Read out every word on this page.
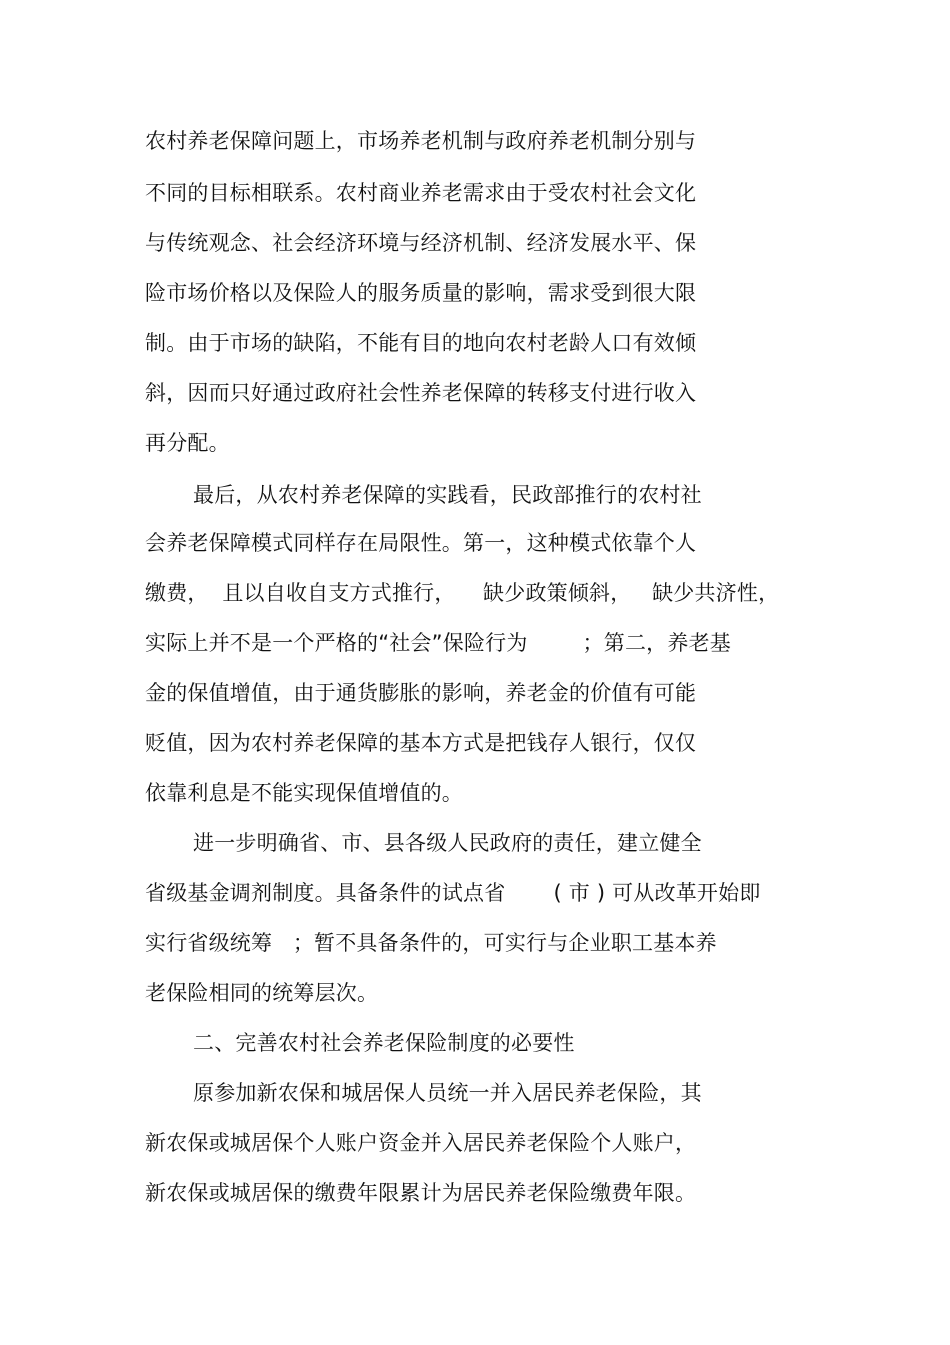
农村养老保障问题上，市场养老机制与政府养老机制分别与
不同的目标相联系。农村商业养老需求由于受农村社会文化
与传统观念、社会经济环境与经济机制、经济发展水平、保
险市场价格以及保险人的服务质量的影响，需求受到很大限
制。由于市场的缺陷，不能有目的地向农村老龄人口有效倾
斜，因而只好通过政府社会性养老保障的转移支付进行收入
再分配。
最后，从农村养老保障的实践看，民政部推行的农村社
会养老保障模式同样存在局限性。第一，这种模式依靠个人
缴费，  且以自收自支方式推行，    缺少政策倾斜，   缺少共济性，
实际上并不是一个严格的“社会”保险行为        ；第二，养老基
金的保值增值，由于通货膨胀的影响，养老金的价值有可能
贬值，因为农村养老保障的基本方式是把钱存人银行，仅仅
依靠利息是不能实现保值增值的。
进一步明确省、市、县各级人民政府的责任，建立健全
省级基金调剂制度。具备条件的试点省       ( 市 ) 可从改革开始即
实行省级统筹   ；暂不具备条件的，可实行与企业职工基本养
老保险相同的统筹层次。
二、完善农村社会养老保险制度的必要性
原参加新农保和城居保人员统一并入居民养老保险，其
新农保或城居保个人账户资金并入居民养老保险个人账户，
新农保或城居保的缴费年限累计为居民养老保险缴费年限。
